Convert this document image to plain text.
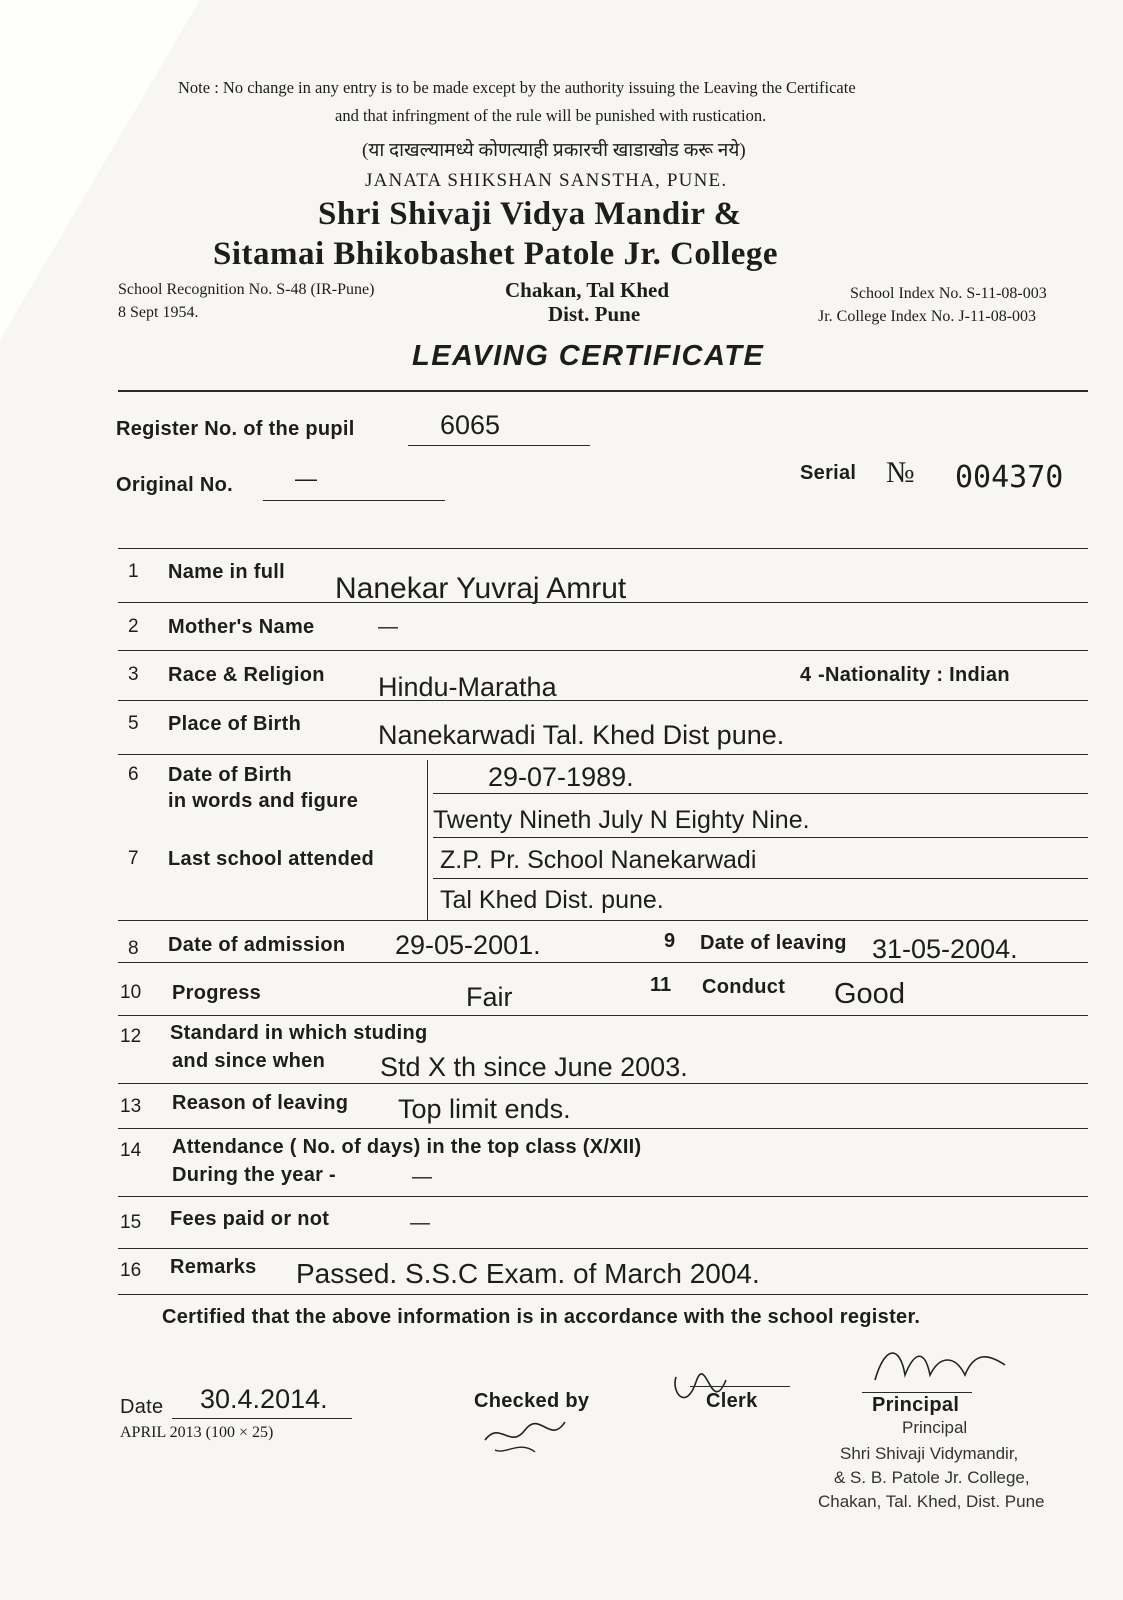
Note : No change in any entry is to be made except by the authority issuing the Leaving the Certificate
and that infringment of the rule will be punished with rustication.
(या दाखल्यामध्ये कोणत्याही प्रकारची खाडाखोड करू नये)
JANATA SHIKSHAN SANSTHA, PUNE.
Shri Shivaji Vidya Mandir &
Sitamai Bhikobashet Patole Jr. College
School Recognition No. S-48 (IR-Pune)
8 Sept 1954.
Chakan, Tal Khed
Dist. Pune
School Index No. S-11-08-003
Jr. College Index No. J-11-08-003
LEAVING CERTIFICATE
Register No. of the pupil	6065
Original No.	—	Serial № 004370
1 Name in full Nanekar Yuvraj Amrut
2 Mother's Name	—
3 Race & Religion Hindu-Maratha	4 -Nationality : Indian
5 Place of Birth	Nanekarwadi Tal. Khed Dist pune.
6 Date of Birth
in words and figure
29-07-1989.
Twenty Nineth July N Eighty Nine.
7 Last school attended	Z.P. Pr. School Nanekarwadi
Tal Khed Dist. pune.
8 Date of admission 29-05-2001.	9 Date of leaving 31-05-2004.
10 Progress	Fair	11 Conduct Good
12 Standard in which studing
and since when Std X th since June 2003.
13 Reason of leaving Top limit ends.
14 Attendance ( No. of days) in the top class (X/XII)
During the year -	—
15 Fees paid or not	—
16 Remarks Passed. S.S.C Exam. of March 2004.
Certified that the above information is in accordance with the school register.
Date 30.4.2014.
APRIL 2013 (100 × 25)
Checked by	Clerk	Principal
Principal
Shri Shivaji Vidymandir,
& S. B. Patole Jr. College,
Chakan, Tal. Khed, Dist. Pune
